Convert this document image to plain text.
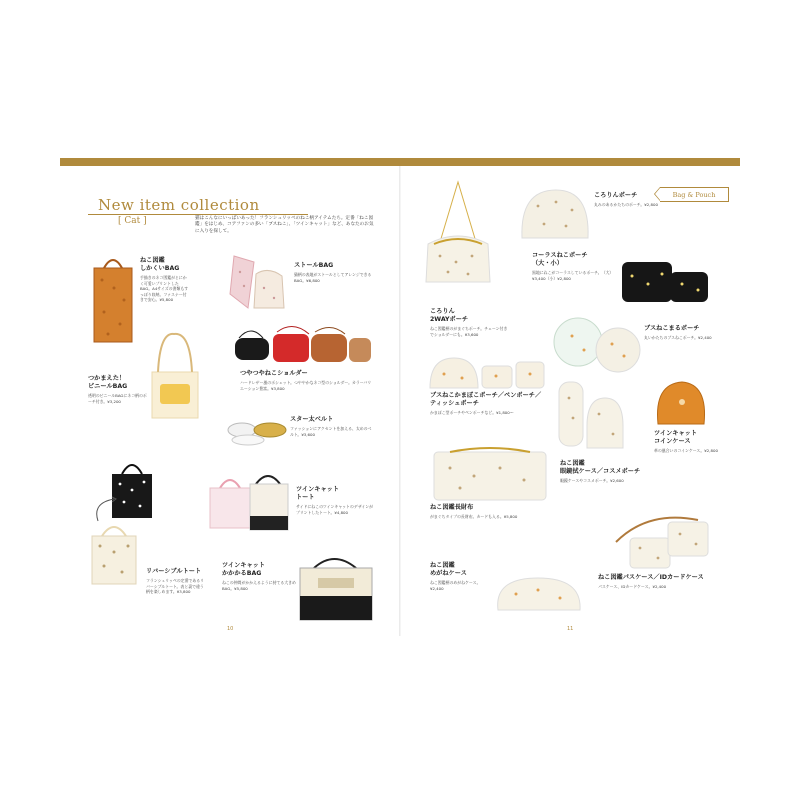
New item collection
[ Cat ]	猫はこんなにいっぱいあった！フランシュリッペのねこ柄アイテムたち。定番「ねこ図鑑」をはじめ、コアファンの多い「ブスねこ」、「ツインキャット」など、あなたのお気に入りを探して。
Bag & Pouch
10	11
ねこ図鑑
しかくいBAG
手描きのネコ図鑑がとにかく可愛いプリントしたBAG。A4サイズの書類もすっぽり収納。ファスナー付きで安心。¥5,800
ストールBAG
猫柄の表地がストールとしてアレンジできるBAG。¥6,800
つやつやねこショルダー
ハードレザー風のポシェット。つややかなネコ型のショルダー。カラーバリエーション豊富。¥3,800
スター太ベルト
ファッションにアクセントを加える、太めのベルト。¥3,600
つかまえた！
ビニールBAG
透明のビニールBAGにネコ柄のポーチ付き。¥3,200
リバーシブルトート
フランシュリッペの定番であるリバーシブルトート。表と裏で違う柄を楽しめます。¥3,800
ツインキャット
トート
サイドにねこのツインキャットのデザインがプリントしたトート。¥4,800
ツインキャット
かかかるBAG
ねこの仲間がかかえるように持てる大きめBAG。¥5,800
ころりん
2WAYポーチ
ねこ図鑑柄のがまぐちポーチ。チェーン付きでショルダーにも。¥3,600
ころりんポーチ
丸みのあるかたちのポーチ。¥2,800
コーラスねこポーチ
（大・小）
黒地にねこがコーラスしているポーチ。（大）¥3,400（小）¥2,800
ブスねこかまぼこポーチ／ペンポーチ／
ティッシュポーチ
かまぼこ型ポーチやペンポーチなど。¥1,800〜
ブスねこまるポーチ
丸いかたちのブスねこポーチ。¥2,400
ツインキャット
コインケース
革の風合いのコインケース。¥2,800
ねこ図鑑
眼鏡拭ケース／コスメポーチ
眼鏡ケースやコスメポーチ。¥2,600
ねこ図鑑長財布
がまぐちタイプの長財布。カードも入る。¥5,800
ねこ図鑑
めがねケース
ねこ図鑑柄のめがねケース。¥2,400
ねこ図鑑パスケース／IDカードケース
パスケース、IDカードケース。¥2,400
